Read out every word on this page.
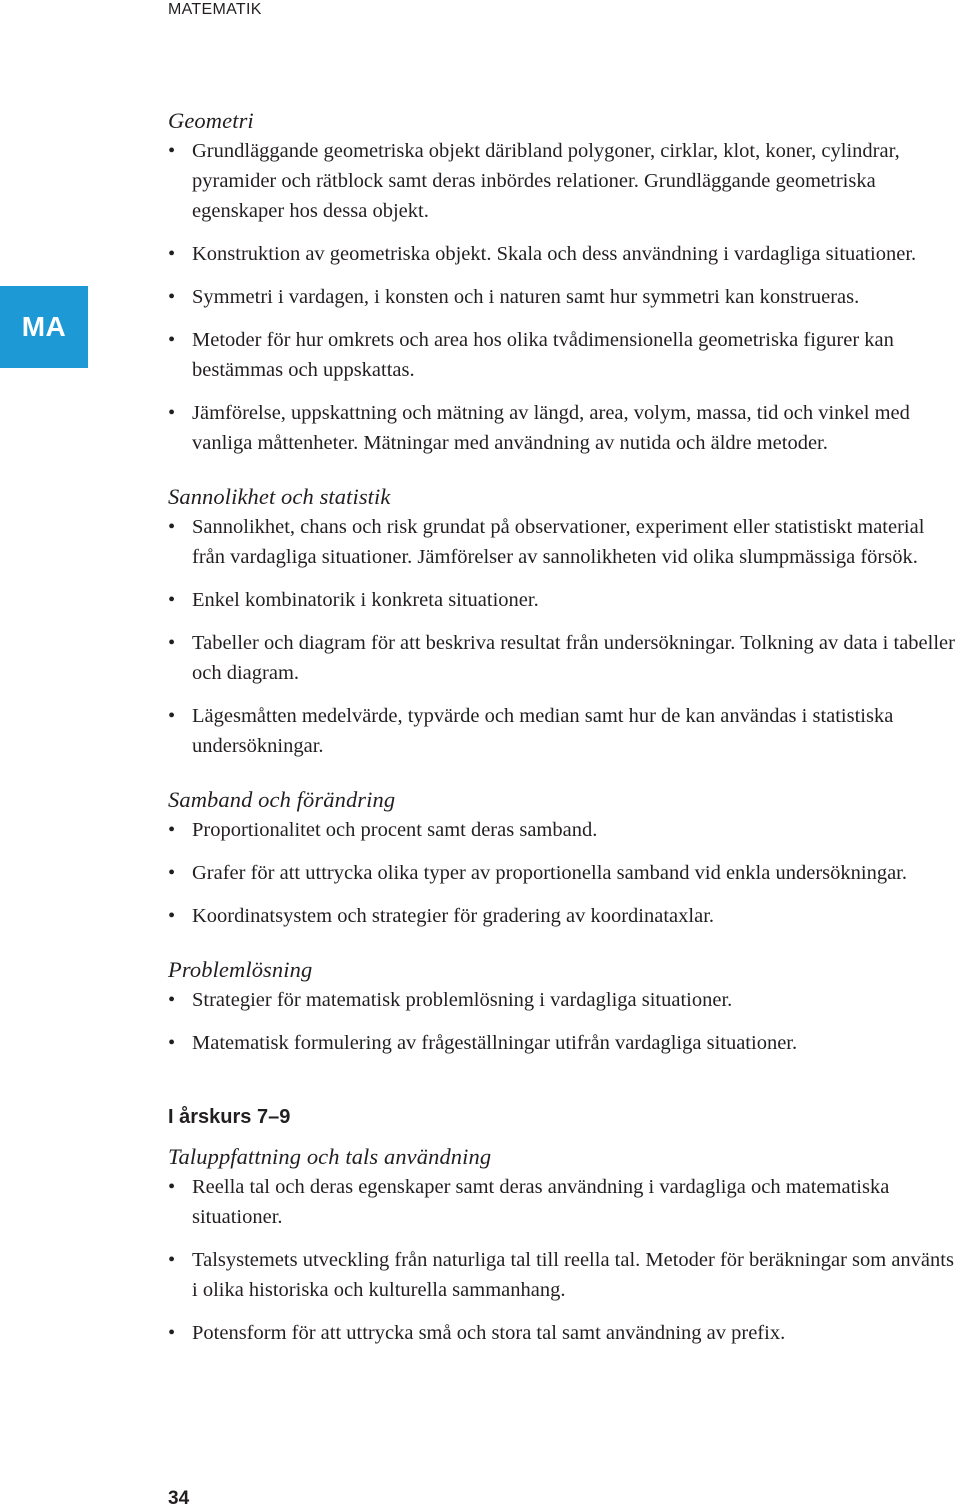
MATEMATIK
MA
Geometri
• Grundläggande geometriska objekt däribland polygoner, cirklar, klot, koner, cylindrar, pyramider och rätblock samt deras inbördes relationer. Grundläggande geometriska egenskaper hos dessa objekt.
• Konstruktion av geometriska objekt. Skala och dess användning i vardagliga situationer.
• Symmetri i vardagen, i konsten och i naturen samt hur symmetri kan konstrueras.
• Metoder för hur omkrets och area hos olika tvådimensionella geometriska figurer kan bestämmas och uppskattas.
• Jämförelse, uppskattning och mätning av längd, area, volym, massa, tid och vinkel med vanliga måttenheter. Mätningar med användning av nutida och äldre metoder.
Sannolikhet och statistik
• Sannolikhet, chans och risk grundat på observationer, experiment eller statistiskt material från vardagliga situationer. Jämförelser av sannolikheten vid olika slumpmässiga försök.
• Enkel kombinatorik i konkreta situationer.
• Tabeller och diagram för att beskriva resultat från undersökningar. Tolkning av data i tabeller och diagram.
• Lägesmåtten medelvärde, typvärde och median samt hur de kan användas i statistiska undersökningar.
Samband och förändring
• Proportionalitet och procent samt deras samband.
• Grafer för att uttrycka olika typer av proportionella samband vid enkla undersökningar.
• Koordinatsystem och strategier för gradering av koordinataxlar.
Problemlösning
• Strategier för matematisk problemlösning i vardagliga situationer.
• Matematisk formulering av frågeställningar utifrån vardagliga situationer.
I årskurs 7–9
Taluppfattning och tals användning
• Reella tal och deras egenskaper samt deras användning i vardagliga och matematiska situationer.
• Talsystemets utveckling från naturliga tal till reella tal. Metoder för beräkningar som använts i olika historiska och kulturella sammanhang.
• Potensform för att uttrycka små och stora tal samt användning av prefix.
34
